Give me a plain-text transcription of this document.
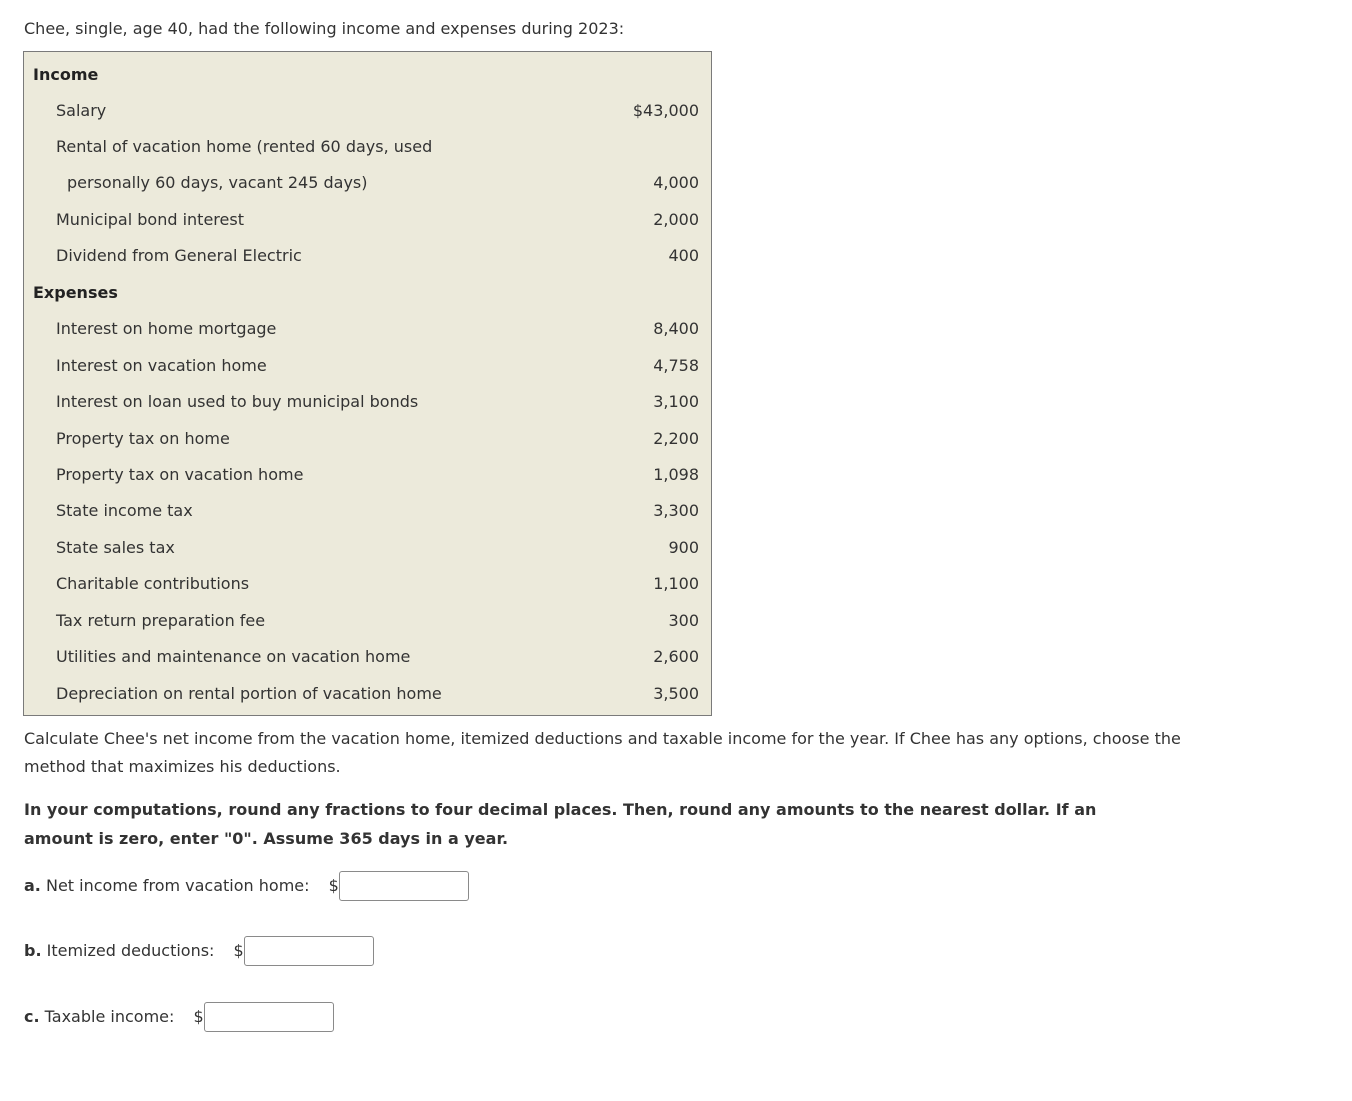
Chee, single, age 40, had the following income and expenses during 2023:

Income
Salary	$43,000
Rental of vacation home (rented 60 days, used
personally 60 days, vacant 245 days)	4,000
Municipal bond interest	2,000
Dividend from General Electric	400
Expenses
Interest on home mortgage	8,400
Interest on vacation home	4,758
Interest on loan used to buy municipal bonds	3,100
Property tax on home	2,200
Property tax on vacation home	1,098
State income tax	3,300
State sales tax	900
Charitable contributions	1,100
Tax return preparation fee	300
Utilities and maintenance on vacation home	2,600
Depreciation on rental portion of vacation home	3,500

Calculate Chee's net income from the vacation home, itemized deductions and taxable income for the year. If Chee has any options, choose the method that maximizes his deductions.

In your computations, round any fractions to four decimal places. Then, round any amounts to the nearest dollar. If an amount is zero, enter "0". Assume 365 days in a year.

a. Net income from vacation home: $
b. Itemized deductions: $
c. Taxable income: $
